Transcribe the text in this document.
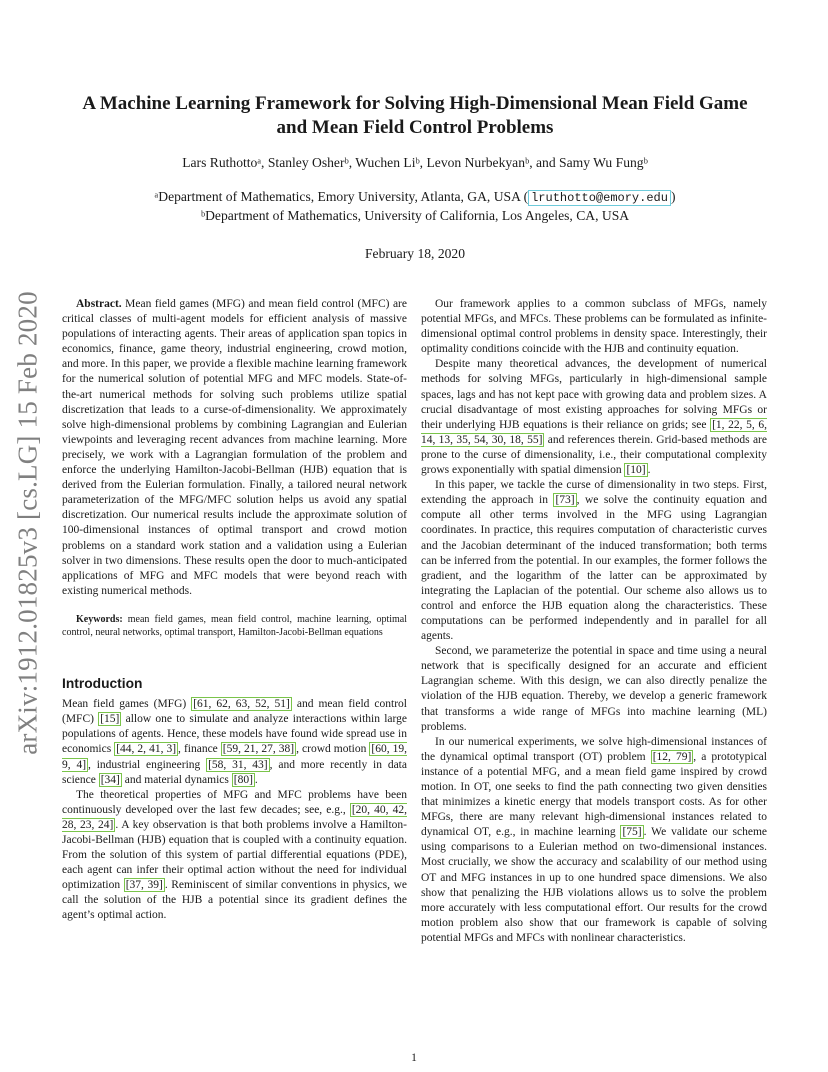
arXiv:1912.01825v3 [cs.LG] 15 Feb 2020
A Machine Learning Framework for Solving High-Dimensional Mean Field Game and Mean Field Control Problems
Lars Ruthottoᵃ, Stanley Osherᵇ, Wuchen Liᵇ, Levon Nurbekyanᵇ, and Samy Wu Fungᵇ
ᵃDepartment of Mathematics, Emory University, Atlanta, GA, USA ( lruthotto@emory.edu )
ᵇDepartment of Mathematics, University of California, Los Angeles, CA, USA
February 18, 2020

Abstract. Mean field games (MFG) and mean field control (MFC) are critical classes of multi-agent models for efficient analysis of massive populations of interacting agents. Their areas of application span topics in economics, finance, game theory, industrial engineering, crowd motion, and more. In this paper, we provide a flexible machine learning framework for the numerical solution of potential MFG and MFC models. State-of-the-art numerical methods for solving such problems utilize spatial discretization that leads to a curse-of-dimensionality. We approximately solve high-dimensional problems by combining Lagrangian and Eulerian viewpoints and leveraging recent advances from machine learning. More precisely, we work with a Lagrangian formulation of the problem and enforce the underlying Hamilton-Jacobi-Bellman (HJB) equation that is derived from the Eulerian formulation. Finally, a tailored neural network parameterization of the MFG/MFC solution helps us avoid any spatial discretization. Our numerical results include the approximate solution of 100-dimensional instances of optimal transport and crowd motion problems on a standard work station and a validation using a Eulerian solver in two dimensions. These results open the door to much-anticipated applications of MFG and MFC models that were beyond reach with existing numerical methods.

Keywords: mean field games, mean field control, machine learning, optimal control, neural networks, optimal transport, Hamilton-Jacobi-Bellman equations

Introduction

Mean field games (MFG) [61, 62, 63, 52, 51] and mean field control (MFC) [15] allow one to simulate and analyze interactions within large populations of agents. Hence, these models have found wide spread use in economics [44, 2, 41, 3] , finance [59, 21, 27, 38] , crowd motion [60, 19, 9, 4] , industrial engineering [58, 31, 43] , and more recently in data science [34] and material dynamics [80] .

The theoretical properties of MFG and MFC problems have been continuously developed over the last few decades; see, e.g., [20, 40, 42, 28, 23, 24] . A key observation is that both problems involve a Hamilton-Jacobi-Bellman (HJB) equation that is coupled with a continuity equation. From the solution of this system of partial differential equations (PDE), each agent can infer their optimal action without the need for individual optimization [37, 39] . Reminiscent of similar conventions in physics, we call the solution of the HJB a potential since its gradient defines the agent’s optimal action.

Our framework applies to a common subclass of MFGs, namely potential MFGs, and MFCs. These problems can be formulated as infinite-dimensional optimal control problems in density space. Interestingly, their optimality conditions coincide with the HJB and continuity equation.

Despite many theoretical advances, the development of numerical methods for solving MFGs, particularly in high-dimensional sample spaces, lags and has not kept pace with growing data and problem sizes. A crucial disadvantage of most existing approaches for solving MFGs or their underlying HJB equations is their reliance on grids; see [1, 22, 5, 6, 14, 13, 35, 54, 30, 18, 55] and references therein. Grid-based methods are prone to the curse of dimensionality, i.e., their computational complexity grows exponentially with spatial dimension [10] .

In this paper, we tackle the curse of dimensionality in two steps. First, extending the approach in [73] , we solve the continuity equation and compute all other terms involved in the MFG using Lagrangian coordinates. In practice, this requires computation of characteristic curves and the Jacobian determinant of the induced transformation; both terms can be inferred from the potential. In our examples, the former follows the gradient, and the logarithm of the latter can be approximated by integrating the Laplacian of the potential. Our scheme also allows us to control and enforce the HJB equation along the characteristics. These computations can be performed independently and in parallel for all agents.

Second, we parameterize the potential in space and time using a neural network that is specifically designed for an accurate and efficient Lagrangian scheme. With this design, we can also directly penalize the violation of the HJB equation. Thereby, we develop a generic framework that transforms a wide range of MFGs into machine learning (ML) problems.

In our numerical experiments, we solve high-dimensional instances of the dynamical optimal transport (OT) problem [12, 79] , a prototypical instance of a potential MFG, and a mean field game inspired by crowd motion. In OT, one seeks to find the path connecting two given densities that minimizes a kinetic energy that models transport costs. As for other MFGs, there are many relevant high-dimensional instances related to dynamical OT, e.g., in machine learning [75] . We validate our scheme using comparisons to a Eulerian method on two-dimensional instances. Most crucially, we show the accuracy and scalability of our method using OT and MFG instances in up to one hundred space dimensions. We also show that penalizing the HJB violations allows us to solve the problem more accurately with less computational effort. Our results for the crowd motion problem also show that our framework is capable of solving potential MFGs and MFCs with nonlinear characteristics.

1
